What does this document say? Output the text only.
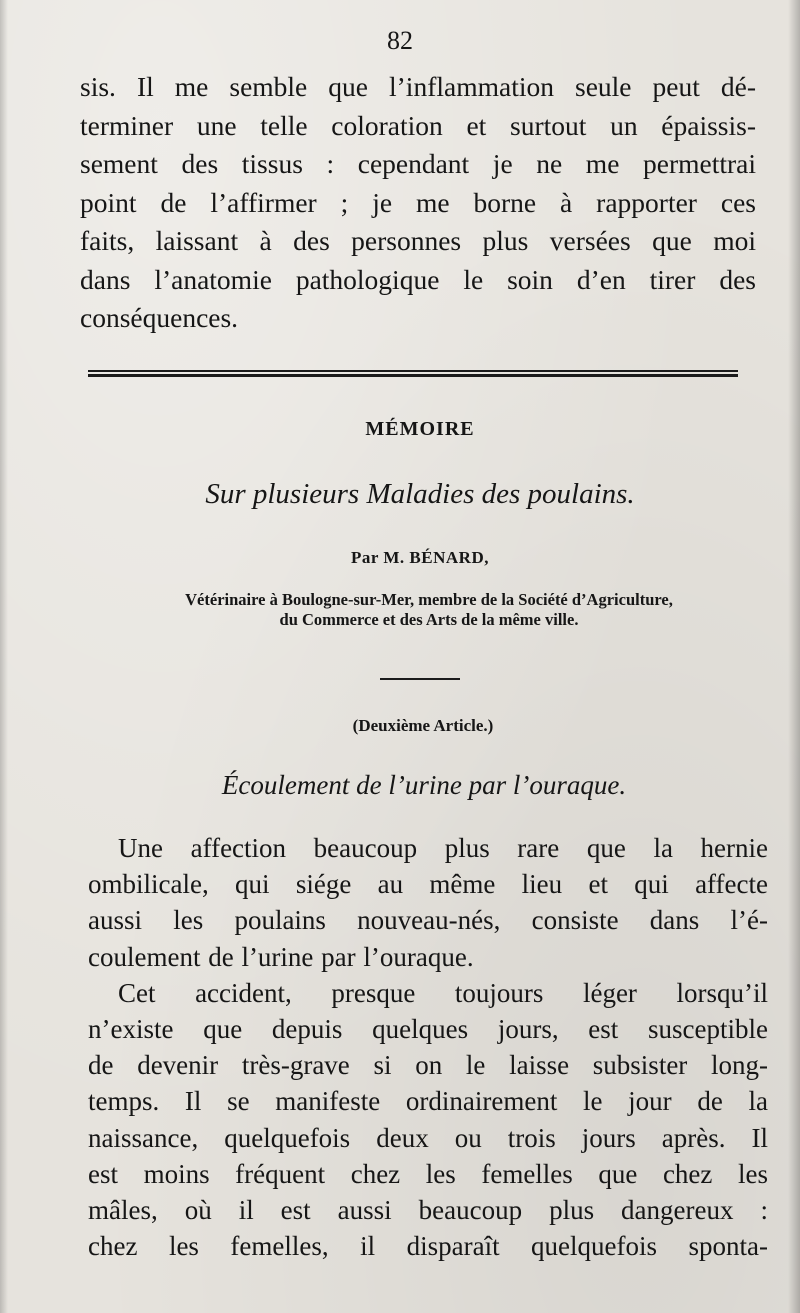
82
sis. Il me semble que l’inflammation seule peut dé-
terminer une telle coloration et surtout un épaissis-
sement des tissus : cependant je ne me permettrai
point de l’affirmer ; je me borne à rapporter ces
faits, laissant à des personnes plus versées que moi
dans l’anatomie pathologique le soin d’en tirer des
conséquences.
MÉMOIRE
Sur plusieurs Maladies des poulains.
Par M. BÉNARD,
Vétérinaire à Boulogne-sur-Mer, membre de la Société d’Agriculture,
du Commerce et des Arts de la même ville.
(Deuxième Article.)
Écoulement de l’urine par l’ouraque.
Une affection beaucoup plus rare que la hernie
ombilicale, qui siége au même lieu et qui affecte
aussi les poulains nouveau-nés, consiste dans l’é-
coulement de l’urine par l’ouraque.
Cet accident, presque toujours léger lorsqu’il
n’existe que depuis quelques jours, est susceptible
de devenir très-grave si on le laisse subsister long-
temps. Il se manifeste ordinairement le jour de la
naissance, quelquefois deux ou trois jours après. Il
est moins fréquent chez les femelles que chez les
mâles, où il est aussi beaucoup plus dangereux :
chez les femelles, il disparaît quelquefois sponta-
